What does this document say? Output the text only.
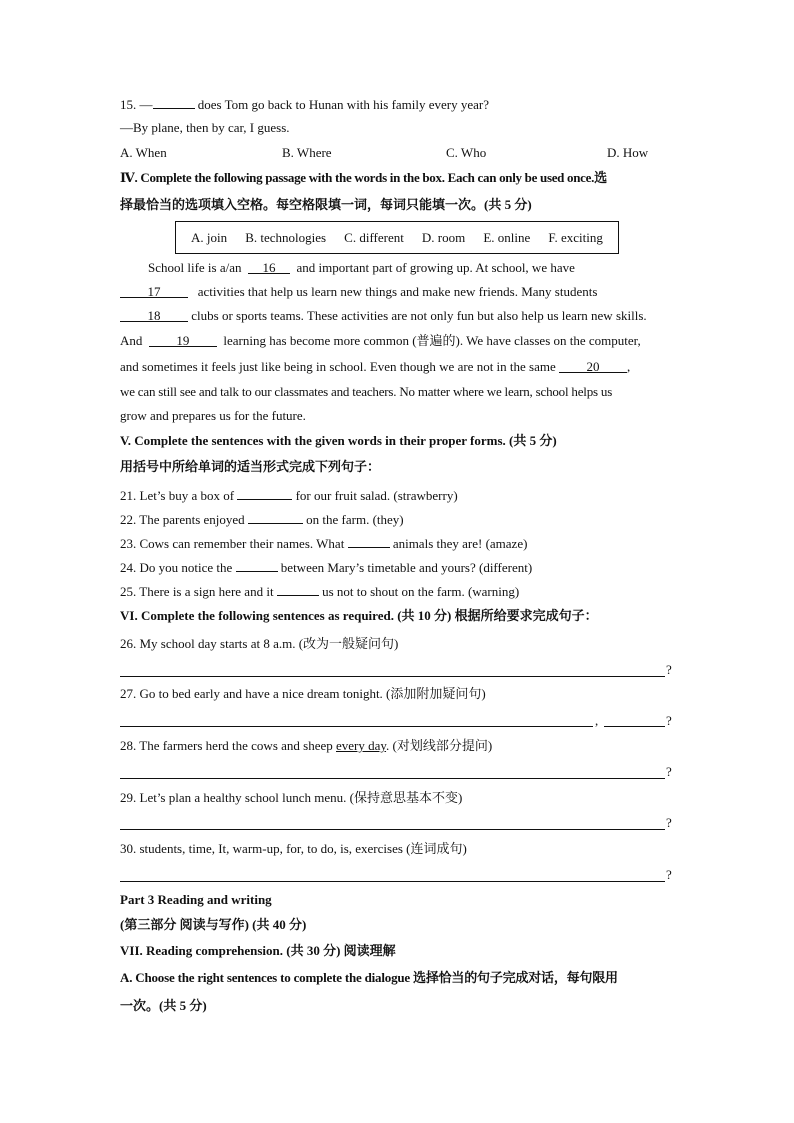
15. —	does Tom go back to Hunan with his family every year?
—By plane, then by car, I guess.
A. When	B. Where	C. Who	D. How
Ⅳ. Complete the following passage with the words in the box. Each can only be used once.选
择最恰当的选项填入空格。每空格限填一词，每词只能填一次。(共 5 分)
A. join B. technologies C. different D. room E. online F. exciting
School life is a/an 16 and important part of growing up. At school, we have
17	activities that help us learn new things and make new friends. Many students
18 clubs or sports teams. These activities are not only fun but also help us learn new skills.
And	19	learning has become more common (普遍的). We have classes on the computer,
and sometimes it feels just like being in school. Even though we are not in the same 20 ,
we can still see and talk to our classmates and teachers. No matter where we learn, school helps us
grow and prepares us for the future.
V. Complete the sentences with the given words in their proper forms. (共 5 分)
用括号中所给单词的适当形式完成下列句子：
21. Let’s buy a box of	for our fruit salad. (strawberry)
22. The parents enjoyed	on the farm. (they)
23. Cows can remember their names. What	animals they are! (amaze)
24. Do you notice the	between Mary’s timetable and yours? (different)
25. There is a sign here and it	us not to shout on the farm. (warning)
VI. Complete the following sentences as required. (共 10 分) 根据所给要求完成句子：
26. My school day starts at 8 a.m. (改为一般疑问句)
?
27. Go to bed early and have a nice dream tonight. (添加附加疑问句)
,	?
28. The farmers herd the cows and sheep every day. (对划线部分提问)
?
29. Let’s plan a healthy school lunch menu. (保持意思基本不变)
?
30. students, time, It, warm-up, for, to do, is, exercises (连词成句)
?
Part 3 Reading and writing
(第三部分 阅读与写作) (共 40 分)
VII. Reading comprehension. (共 30 分) 阅读理解
A. Choose the right sentences to complete the dialogue 选择恰当的句子完成对话，每句限用
一次。(共 5 分)
